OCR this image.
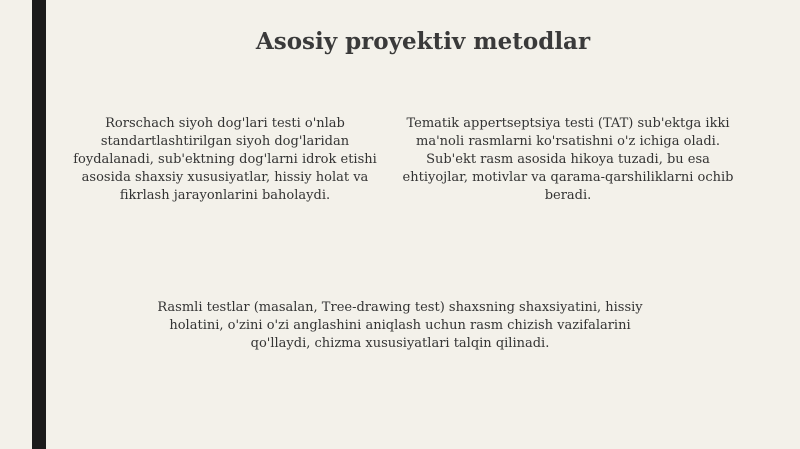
Asosiy proyektiv metodlar

Rorschach siyoh dog'lari testi o'nlab standartlashtirilgan siyoh dog'laridan foydalanadi, sub'ektning dog'larni idrok etishi asosida shaxsiy xususiyatlar, hissiy holat va fikrlash jarayonlarini baholaydi.

Tematik appertseptsiya testi (TAT) sub'ektga ikki ma'noli rasmlarni ko'rsatishni o'z ichiga oladi. Sub'ekt rasm asosida hikoya tuzadi, bu esa ehtiyojlar, motivlar va qarama-qarshiliklarni ochib beradi.

Rasmli testlar (masalan, Tree-drawing test) shaxsning shaxsiyatini, hissiy holatini, o'zini o'zi anglashini aniqlash uchun rasm chizish vazifalarini qo'llaydi, chizma xususiyatlari talqin qilinadi.
